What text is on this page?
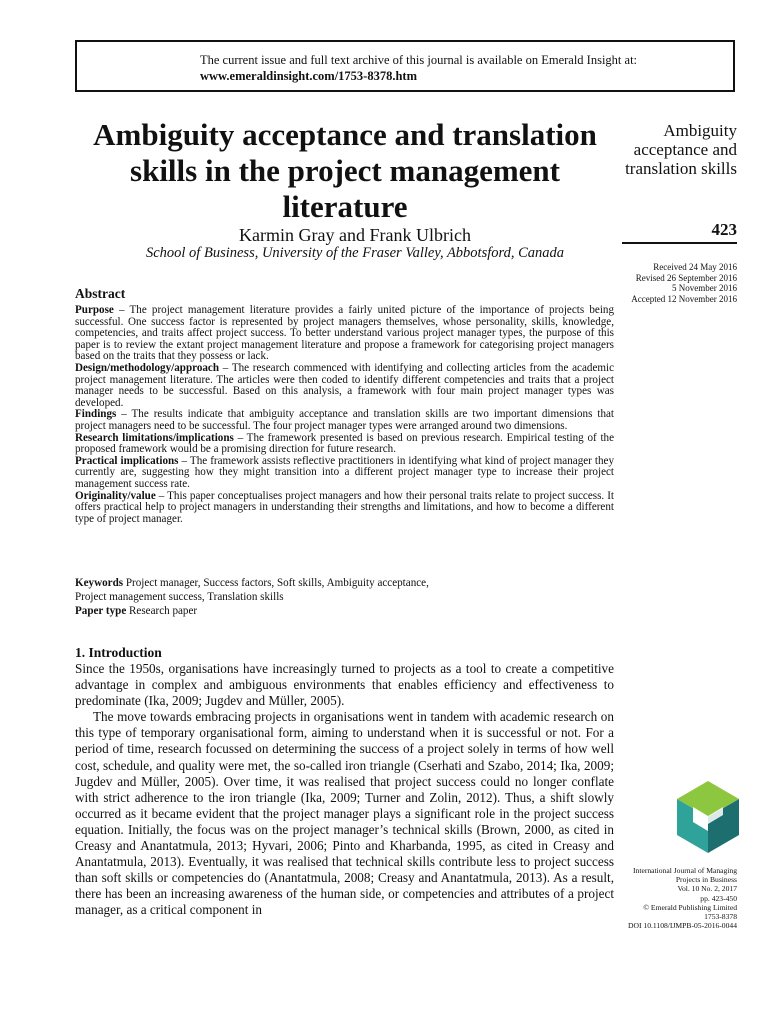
The current issue and full text archive of this journal is available on Emerald Insight at:
www.emeraldinsight.com/1753-8378.htm
Ambiguity acceptance and translation skills in the project management literature
Karmin Gray and Frank Ulbrich
School of Business, University of the Fraser Valley, Abbotsford, Canada
Ambiguity acceptance and translation skills
423
Received 24 May 2016
Revised 26 September 2016
5 November 2016
Accepted 12 November 2016
Abstract

Purpose – The project management literature provides a fairly united picture of the importance of projects being successful. One success factor is represented by project managers themselves, whose personality, skills, knowledge, competencies, and traits affect project success. To better understand various project manager types, the purpose of this paper is to review the extant project management literature and propose a framework for categorising project managers based on the traits that they possess or lack.

Design/methodology/approach – The research commenced with identifying and collecting articles from the academic project management literature. The articles were then coded to identify different competencies and traits that a project manager needs to be successful. Based on this analysis, a framework with four main project manager types was developed.

Findings – The results indicate that ambiguity acceptance and translation skills are two important dimensions that project managers need to be successful. The four project manager types were arranged around two dimensions.

Research limitations/implications – The framework presented is based on previous research. Empirical testing of the proposed framework would be a promising direction for future research.

Practical implications – The framework assists reflective practitioners in identifying what kind of project manager they currently are, suggesting how they might transition into a different project manager type to increase their project management success rate.

Originality/value – This paper conceptualises project managers and how their personal traits relate to project success. It offers practical help to project managers in understanding their strengths and limitations, and how to become a different type of project manager.

Keywords Project manager, Success factors, Soft skills, Ambiguity acceptance,

Project management success, Translation skills

Paper type Research paper
1. Introduction

Since the 1950s, organisations have increasingly turned to projects as a tool to create a competitive advantage in complex and ambiguous environments that enables efficiency and effectiveness to predominate (Ika, 2009; Jugdev and Müller, 2005).

The move towards embracing projects in organisations went in tandem with academic research on this type of temporary organisational form, aiming to understand when it is successful or not. For a period of time, research focussed on determining the success of a project solely in terms of how well cost, schedule, and quality were met, the so-called iron triangle (Cserhati and Szabo, 2014; Ika, 2009; Jugdev and Müller, 2005). Over time, it was realised that project success could no longer conflate with strict adherence to the iron triangle (Ika, 2009; Turner and Zolin, 2012). Thus, a shift slowly occurred as it became evident that the project manager plays a significant role in the project success equation. Initially, the focus was on the project manager’s technical skills (Brown, 2000, as cited in Creasy and Anantatmula, 2013; Hyvari, 2006; Pinto and Kharbanda, 1995, as cited in Creasy and Anantatmula, 2013). Eventually, it was realised that technical skills contribute less to project success than soft skills or competencies do (Anantatmula, 2008; Creasy and Anantatmula, 2013). As a result, there has been an increasing awareness of the human side, or competencies and attributes of a project manager, as a critical component in

International Journal of Managing
Projects in Business
Vol. 10 No. 2, 2017
pp. 423-450
© Emerald Publishing Limited
1753-8378
DOI 10.1108/IJMPB-05-2016-0044
